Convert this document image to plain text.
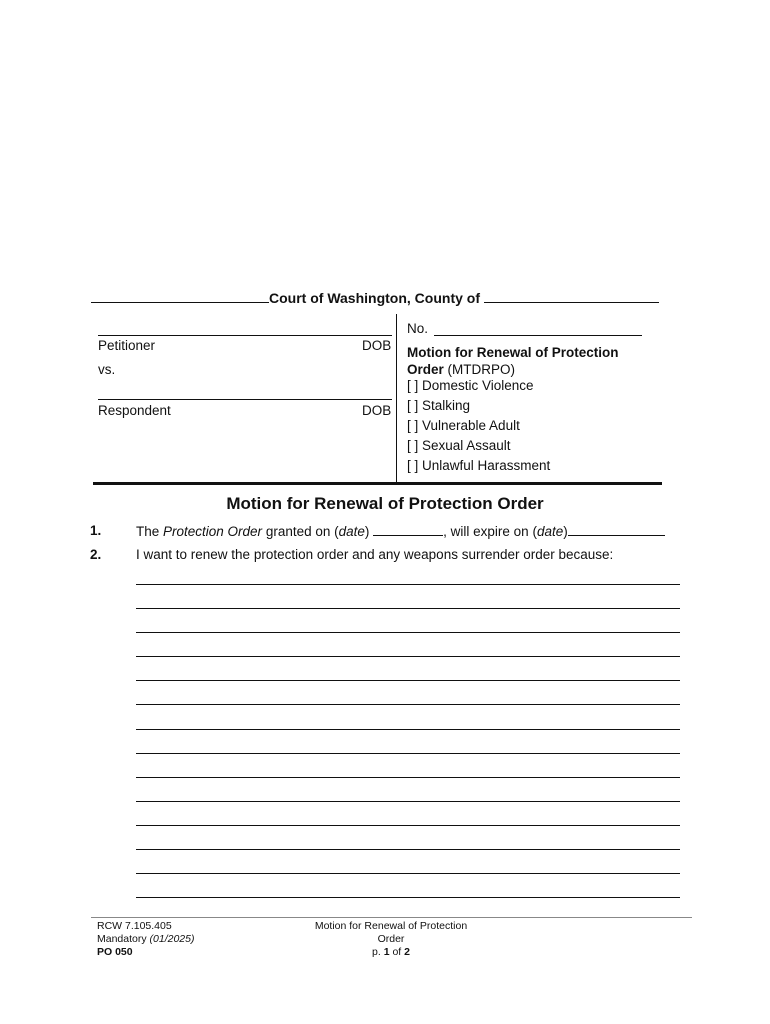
Court of Washington, County of
Petitioner	DOB
vs.
Respondent	DOB
No.
Motion for Renewal of Protection
Order (MTDRPO)
[ ] Domestic Violence
[ ] Stalking
[ ] Vulnerable Adult
[ ] Sexual Assault
[ ] Unlawful Harassment
Motion for Renewal of Protection Order
1.	The Protection Order granted on (date)	, will expire on (date)
2.	I want to renew the protection order and any weapons surrender order because:
RCW 7.105.405
Mandatory (01/2025)
PO 050
Motion for Renewal of Protection
Order
p. 1 of 2
